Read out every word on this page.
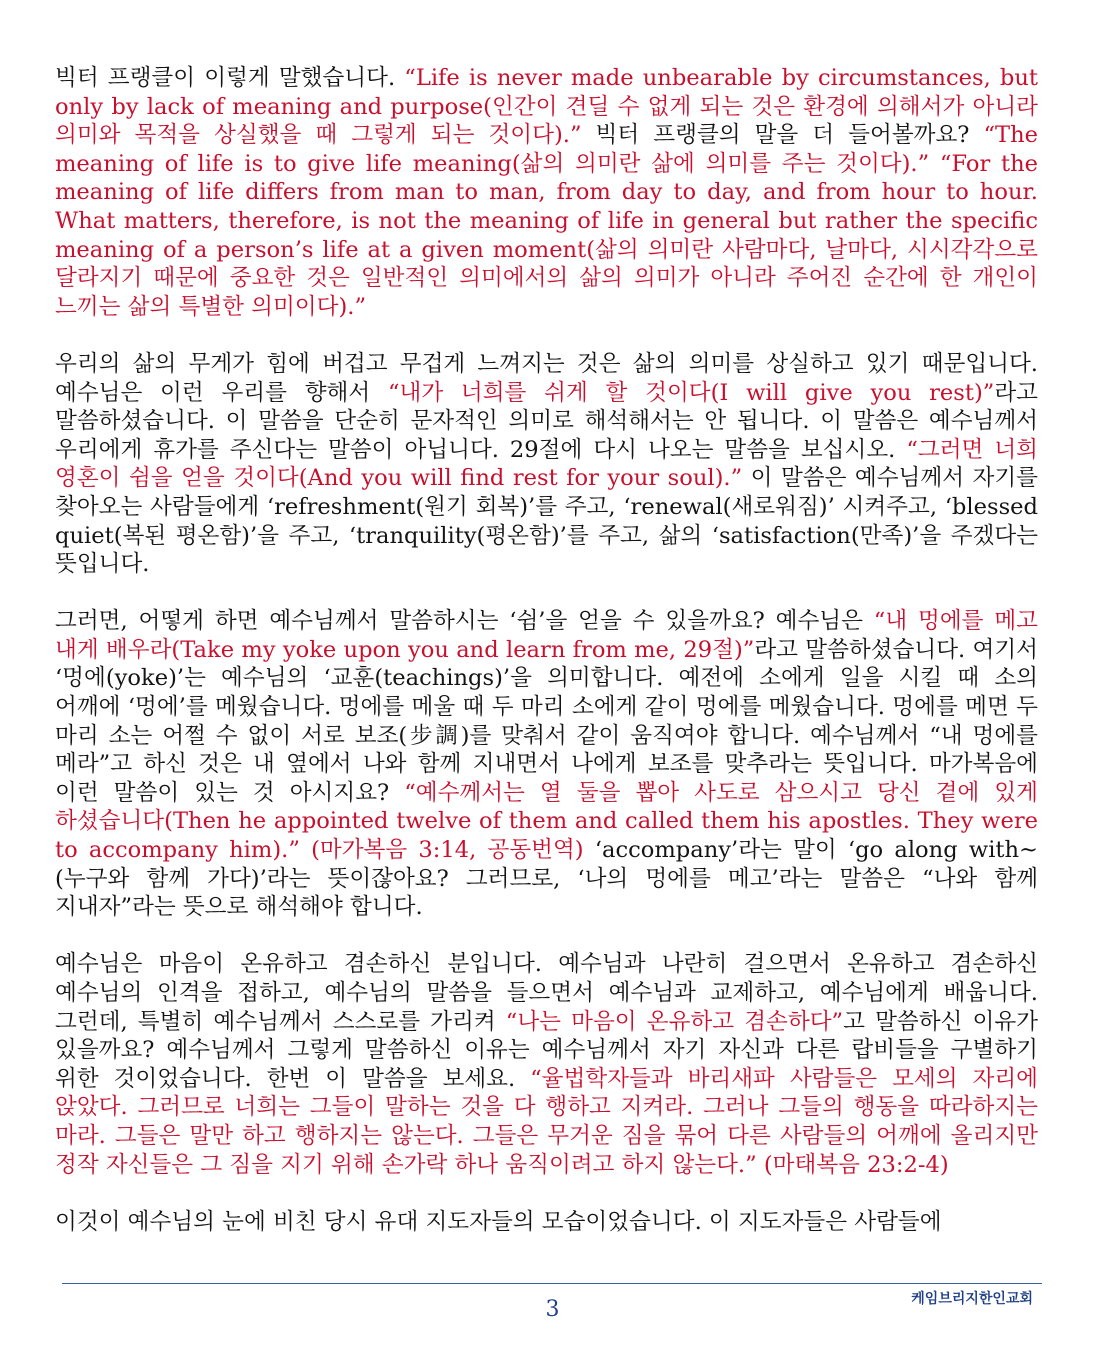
빅터 프랭클이 이렇게 말했습니다. “Life is never made unbearable by circumstances, but only by lack of meaning and purpose(인간이 견딜 수 없게 되는 것은 환경에 의해서가 아니라 의미와 목적을 상실했을 때 그렇게 되는 것이다).” 빅터 프랭클의 말을 더 들어볼까요? “The meaning of life is to give life meaning(삶의 의미란 삶에 의미를 주는 것이다).” “For the meaning of life differs from man to man, from day to day, and from hour to hour. What matters, therefore, is not the meaning of life in general but rather the specific meaning of a person’s life at a given moment(삶의 의미란 사람마다, 날마다, 시시각각으로 달라지기 때문에 중요한 것은 일반적인 의미에서의 삶의 의미가 아니라 주어진 순간에 한 개인이 느끼는 삶의 특별한 의미이다).”

우리의 삶의 무게가 힘에 버겁고 무겁게 느껴지는 것은 삶의 의미를 상실하고 있기 때문입니다. 예수님은 이런 우리를 향해서 “내가 너희를 쉬게 할 것이다(I will give you rest)”라고 말씀하셨습니다. 이 말씀을 단순히 문자적인 의미로 해석해서는 안 됩니다. 이 말씀은 예수님께서 우리에게 휴가를 주신다는 말씀이 아닙니다. 29절에 다시 나오는 말씀을 보십시오. “그러면 너희 영혼이 쉼을 얻을 것이다(And you will find rest for your soul).” 이 말씀은 예수님께서 자기를 찾아오는 사람들에게 ‘refreshment(원기 회복)’를 주고, ‘renewal(새로워짐)’ 시켜주고, ‘blessed quiet(복된 평온함)’을 주고, ‘tranquility(평온함)’를 주고, 삶의 ‘satisfaction(만족)’을 주겠다는 뜻입니다.

그러면, 어떻게 하면 예수님께서 말씀하시는 ‘쉼’을 얻을 수 있을까요? 예수님은 “내 멍에를 메고 내게 배우라(Take my yoke upon you and learn from me, 29절)”라고 말씀하셨습니다. 여기서 ‘멍에(yoke)’는 예수님의 ‘교훈(teachings)’을 의미합니다. 예전에 소에게 일을 시킬 때 소의 어깨에 ‘멍에’를 메웠습니다. 멍에를 메울 때 두 마리 소에게 같이 멍에를 메웠습니다. 멍에를 메면 두 마리 소는 어쩔 수 없이 서로 보조(步調)를 맞춰서 같이 움직여야 합니다. 예수님께서 “내 멍에를 메라”고 하신 것은 내 옆에서 나와 함께 지내면서 나에게 보조를 맞추라는 뜻입니다. 마가복음에 이런 말씀이 있는 것 아시지요? “예수께서는 열 둘을 뽑아 사도로 삼으시고 당신 곁에 있게 하셨습니다(Then he appointed twelve of them and called them his apostles. They were to accompany him).” (마가복음 3:14, 공동번역) ‘accompany’라는 말이 ‘go along with~(누구와 함께 가다)’라는 뜻이잖아요? 그러므로, ‘나의 멍에를 메고’라는 말씀은 “나와 함께 지내자”라는 뜻으로 해석해야 합니다.

예수님은 마음이 온유하고 겸손하신 분입니다. 예수님과 나란히 걸으면서 온유하고 겸손하신 예수님의 인격을 접하고, 예수님의 말씀을 들으면서 예수님과 교제하고, 예수님에게 배웁니다. 그런데, 특별히 예수님께서 스스로를 가리켜 “나는 마음이 온유하고 겸손하다”고 말씀하신 이유가 있을까요? 예수님께서 그렇게 말씀하신 이유는 예수님께서 자기 자신과 다른 랍비들을 구별하기 위한 것이었습니다. 한번 이 말씀을 보세요. “율법학자들과 바리새파 사람들은 모세의 자리에 앉았다. 그러므로 너희는 그들이 말하는 것을 다 행하고 지켜라. 그러나 그들의 행동을 따라하지는 마라. 그들은 말만 하고 행하지는 않는다. 그들은 무거운 짐을 묶어 다른 사람들의 어깨에 올리지만 정작 자신들은 그 짐을 지기 위해 손가락 하나 움직이려고 하지 않는다.” (마태복음 23:2-4)

이것이 예수님의 눈에 비친 당시 유대 지도자들의 모습이었습니다. 이 지도자들은 사람들에

케임브리지한인교회
3
